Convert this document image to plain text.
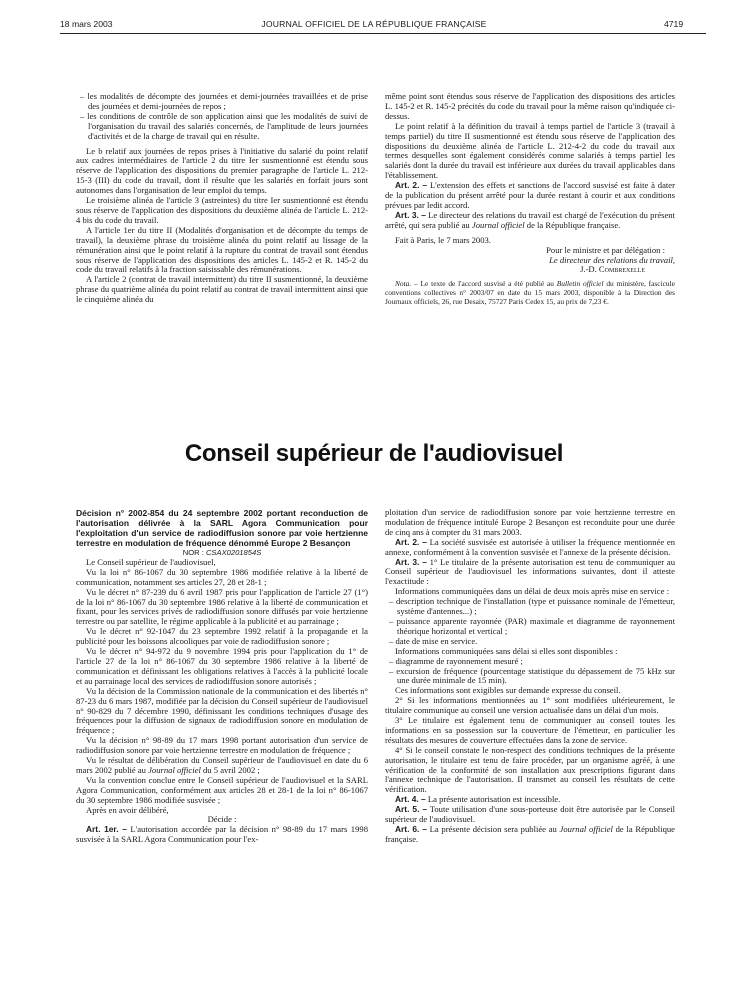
18 mars 2003	JOURNAL OFFICIEL DE LA RÉPUBLIQUE FRANÇAISE	4719

– les modalités de décompte des journées et demi-journées travaillées et de prise des journées et demi-journées de repos ;

– les conditions de contrôle de son application ainsi que les modalités de suivi de l'organisation du travail des salariés concernés, de l'amplitude de leurs journées d'activités et de la charge de travail qui en résulte.

Le b relatif aux journées de repos prises à l'initiative du salarié du point relatif aux cadres intermédiaires de l'article 2 du titre Ier susmentionné est étendu sous réserve de l'application des dispositions du premier paragraphe de l'article L. 212-15-3 (III) du code du travail, dont il résulte que les salariés en forfait jours sont autonomes dans l'organisation de leur emploi du temps.

Le troisième alinéa de l'article 3 (astreintes) du titre Ier susmentionné est étendu sous réserve de l'application des dispositions du deuxième alinéa de l'article L. 212-4 bis du code du travail.

A l'article 1er du titre II (Modalités d'organisation et de décompte du temps de travail), la deuxième phrase du troisième alinéa du point relatif au lissage de la rémunération ainsi que le point relatif à la rupture du contrat de travail sont étendus sous réserve de l'application des dispositions des articles L. 145-2 et R. 145-2 du code du travail relatifs à la fraction saisissable des rémunérations.

A l'article 2 (contrat de travail intermittent) du titre II susmentionné, la deuxième phrase du quatrième alinéa du point relatif au contrat de travail intermittent ainsi que le cinquième alinéa du

même point sont étendus sous réserve de l'application des dispositions des articles L. 145-2 et R. 145-2 précités du code du travail pour la même raison qu'indiquée ci-dessus.

Le point relatif à la définition du travail à temps partiel de l'article 3 (travail à temps partiel) du titre II susmentionné est étendu sous réserve de l'application des dispositions du deuxième alinéa de l'article L. 212-4-2 du code du travail aux termes desquelles sont également considérés comme salariés à temps partiel les salariés dont la durée du travail est inférieure aux durées du travail applicables dans l'établissement.

Art. 2. – L'extension des effets et sanctions de l'accord susvisé est faite à dater de la publication du présent arrêté pour la durée restant à courir et aux conditions prévues par ledit accord.

Art. 3. – Le directeur des relations du travail est chargé de l'exécution du présent arrêté, qui sera publié au Journal officiel de la République française.

Fait à Paris, le 7 mars 2003.

Pour le ministre et par délégation :

Le directeur des relations du travail,

J.-D. Combrexelle

Nota. – Le texte de l'accord susvisé a été publié au Bulletin officiel du ministère, fascicule conventions collectives n° 2003/07 en date du 15 mars 2003, disponible à la Direction des Journaux officiels, 26, rue Desaix, 75727 Paris Cedex 15, au prix de 7,23 €.

Conseil supérieur de l'audiovisuel

Décision n° 2002-854 du 24 septembre 2002 portant reconduction de l'autorisation délivrée à la SARL Agora Communication pour l'exploitation d'un service de radiodiffusion sonore par voie hertzienne terrestre en modulation de fréquence dénommé Europe 2 Besançon

NOR : CSAX0201854S

Le Conseil supérieur de l'audiovisuel,

Vu la loi n° 86-1067 du 30 septembre 1986 modifiée relative à la liberté de communication, notamment ses articles 27, 28 et 28-1 ;

Vu le décret n° 87-239 du 6 avril 1987 pris pour l'application de l'article 27 (1°) de la loi n° 86-1067 du 30 septembre 1986 relative à la liberté de communication et fixant, pour les services privés de radiodiffusion sonore diffusés par voie hertzienne terrestre ou par satellite, le régime applicable à la publicité et au parrainage ;

Vu le décret n° 92-1047 du 23 septembre 1992 relatif à la propagande et la publicité pour les boissons alcooliques par voie de radiodiffusion sonore ;

Vu le décret n° 94-972 du 9 novembre 1994 pris pour l'application du 1° de l'article 27 de la loi n° 86-1067 du 30 septembre 1986 relative à la liberté de communication et définissant les obligations relatives à l'accès à la publicité locale et au parrainage local des services de radiodiffusion sonore autorisés ;

Vu la décision de la Commission nationale de la communication et des libertés n° 87-23 du 6 mars 1987, modifiée par la décision du Conseil supérieur de l'audiovisuel n° 90-829 du 7 décembre 1990, définissant les conditions techniques d'usage des fréquences pour la diffusion de signaux de radiodiffusion sonore en modulation de fréquence ;

Vu la décision n° 98-89 du 17 mars 1998 portant autorisation d'un service de radiodiffusion sonore par voie hertzienne terrestre en modulation de fréquence ;

Vu le résultat de délibération du Conseil supérieur de l'audiovisuel en date du 6 mars 2002 publié au Journal officiel du 5 avril 2002 ;

Vu la convention conclue entre le Conseil supérieur de l'audiovisuel et la SARL Agora Communication, conformément aux articles 28 et 28-1 de la loi n° 86-1067 du 30 septembre 1986 modifiée susvisée ;

Après en avoir délibéré,

Décide :

Art. 1er. – L'autorisation accordée par la décision n° 98-89 du 17 mars 1998 susvisée à la SARL Agora Communication pour l'ex-

ploitation d'un service de radiodiffusion sonore par voie hertzienne terrestre en modulation de fréquence intitulé Europe 2 Besançon est reconduite pour une durée de cinq ans à compter du 31 mars 2003.

Art. 2. – La société susvisée est autorisée à utiliser la fréquence mentionnée en annexe, conformément à la convention susvisée et l'annexe de la présente décision.

Art. 3. – 1° Le titulaire de la présente autorisation est tenu de communiquer au Conseil supérieur de l'audiovisuel les informations suivantes, dont il atteste l'exactitude :

Informations communiquées dans un délai de deux mois après mise en service :

– description technique de l'installation (type et puissance nominale de l'émetteur, système d'antennes...) ;

– puissance apparente rayonnée (PAR) maximale et diagramme de rayonnement théorique horizontal et vertical ;

– date de mise en service.

Informations communiquées sans délai si elles sont disponibles :

– diagramme de rayonnement mesuré ;

– excursion de fréquence (pourcentage statistique du dépassement de 75 kHz sur une durée minimale de 15 min).

Ces informations sont exigibles sur demande expresse du conseil.

2° Si les informations mentionnées au 1° sont modifiées ultérieurement, le titulaire communique au conseil une version actualisée dans un délai d'un mois.

3° Le titulaire est également tenu de communiquer au conseil toutes les informations en sa possession sur la couverture de l'émetteur, en particulier les résultats des mesures de couverture effectuées dans la zone de service.

4° Si le conseil constate le non-respect des conditions techniques de la présente autorisation, le titulaire est tenu de faire procéder, par un organisme agréé, à une vérification de la conformité de son installation aux prescriptions figurant dans l'annexe technique de l'autorisation. Il transmet au conseil les résultats de cette vérification.

Art. 4. – La présente autorisation est incessible.

Art. 5. – Toute utilisation d'une sous-porteuse doit être autorisée par le Conseil supérieur de l'audiovisuel.

Art. 6. – La présente décision sera publiée au Journal officiel de la République française.
